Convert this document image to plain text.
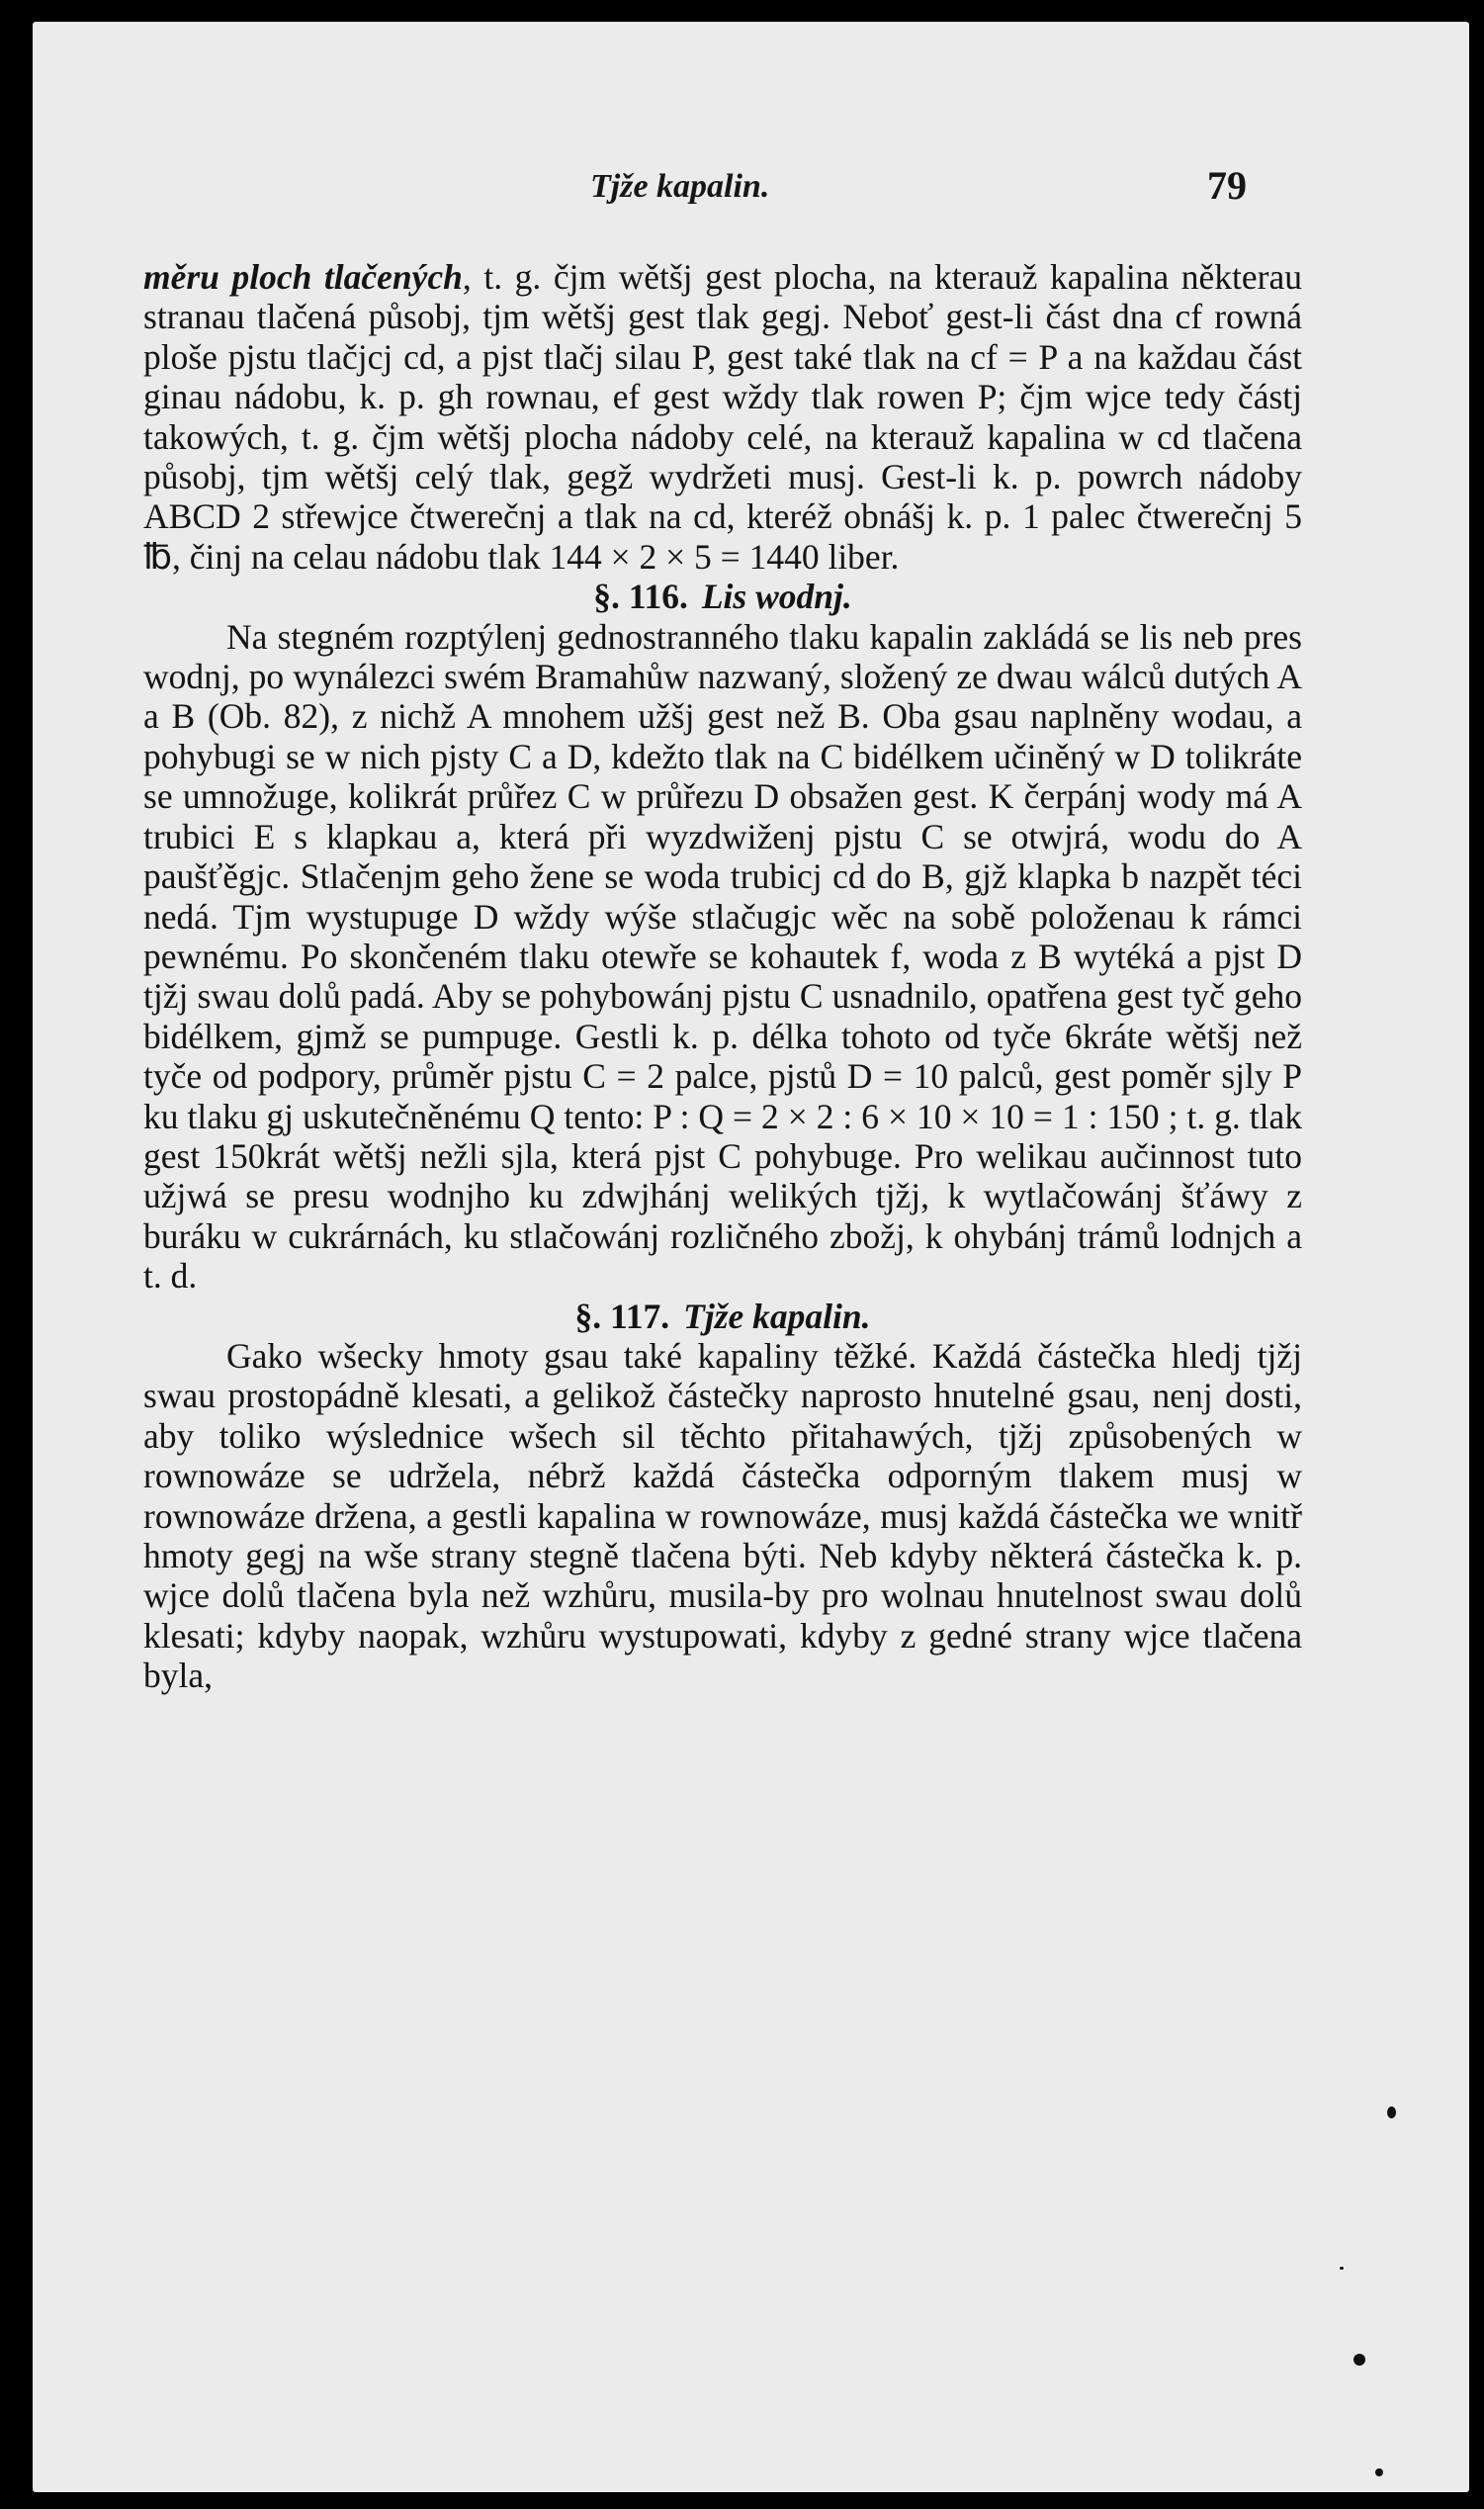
Tjže kapalin.	79

měru ploch tlačených, t. g. čjm wětšj gest plocha, na kterauž kapalina některau stranau tlačená působj, tjm wětšj gest tlak gegj. Neboť gest-li část dna cf rowná ploše pjstu tlačjcj cd, a pjst tlačj silau P, gest také tlak na cf = P a na každau část ginau nádobu, k. p. gh rownau, ef gest wždy tlak rowen P; čjm wjce tedy částj takowých, t. g. čjm wětšj plocha nádoby celé, na kterauž kapalina w cd tlačena působj, tjm wětšj celý tlak, gegž wydržeti musj. Gest-li k. p. powrch nádoby ABCD 2 střewjce čtwerečnj a tlak na cd, kteréž obnášj k. p. 1 palec čtwerečnj 5 ℔, činj na celau nádobu tlak 144 × 2 × 5 = 1440 liber.

§. 116. Lis wodnj.

Na stegném rozptýlenj gednostranného tlaku kapalin zakládá se lis neb pres wodnj, po wynálezci swém Bramahůw nazwaný, složený ze dwau wálců dutých A a B (Ob. 82), z nichž A mnohem užšj gest než B. Oba gsau naplněny wodau, a pohybugi se w nich pjsty C a D, kdežto tlak na C bidélkem učiněný w D tolikráte se umnožuge, kolikrát průřez C w průřezu D obsažen gest. K čerpánj wody má A trubici E s klapkau a, která při wyzdwiženj pjstu C se otwjrá, wodu do A paušťěgjc. Stlačenjm geho žene se woda trubicj cd do B, gjž klapka b nazpět téci nedá. Tjm wystupuge D wždy wýše stlačugjc wěc na sobě položenau k rámci pewnému. Po skončeném tlaku otewře se kohautek f, woda z B wytéká a pjst D tjžj swau dolů padá. Aby se pohybowánj pjstu C usnadnilo, opatřena gest tyč geho bidélkem, gjmž se pumpuge. Gestli k. p. délka tohoto od tyče 6kráte wětšj než tyče od podpory, průměr pjstu C = 2 palce, pjstů D = 10 palců, gest poměr sjly P ku tlaku gj uskutečněnému Q tento: P : Q = 2 × 2 : 6 × 10 × 10 = 1 : 150 ; t. g. tlak gest 150krát wětšj nežli sjla, která pjst C pohybuge. Pro welikau aučinnost tuto užjwá se presu wodnjho ku zdwjhánj welikých tjžj, k wytlačowánj šťáwy z buráku w cukrárnách, ku stlačowánj rozličného zbožj, k ohybánj trámů lodnjch a t. d.

§. 117. Tjže kapalin.

Gako wšecky hmoty gsau také kapaliny těžké. Každá částečka hledj tjžj swau prostopádně klesati, a gelikož částečky naprosto hnutelné gsau, nenj dosti, aby toliko wýslednice wšech sil těchto přitahawých, tjžj způsobených w rownowáze se udržela, nébrž každá částečka odporným tlakem musj w rownowáze držena, a gestli kapalina w rownowáze, musj každá částečka we wnitř hmoty gegj na wše strany stegně tlačena býti. Neb kdyby některá částečka k. p. wjce dolů tlačena byla než wzhůru, musila-by pro wolnau hnutelnost swau dolů klesati; kdyby naopak, wzhůru wystupowati, kdyby z gedné strany wjce tlačena byla,
